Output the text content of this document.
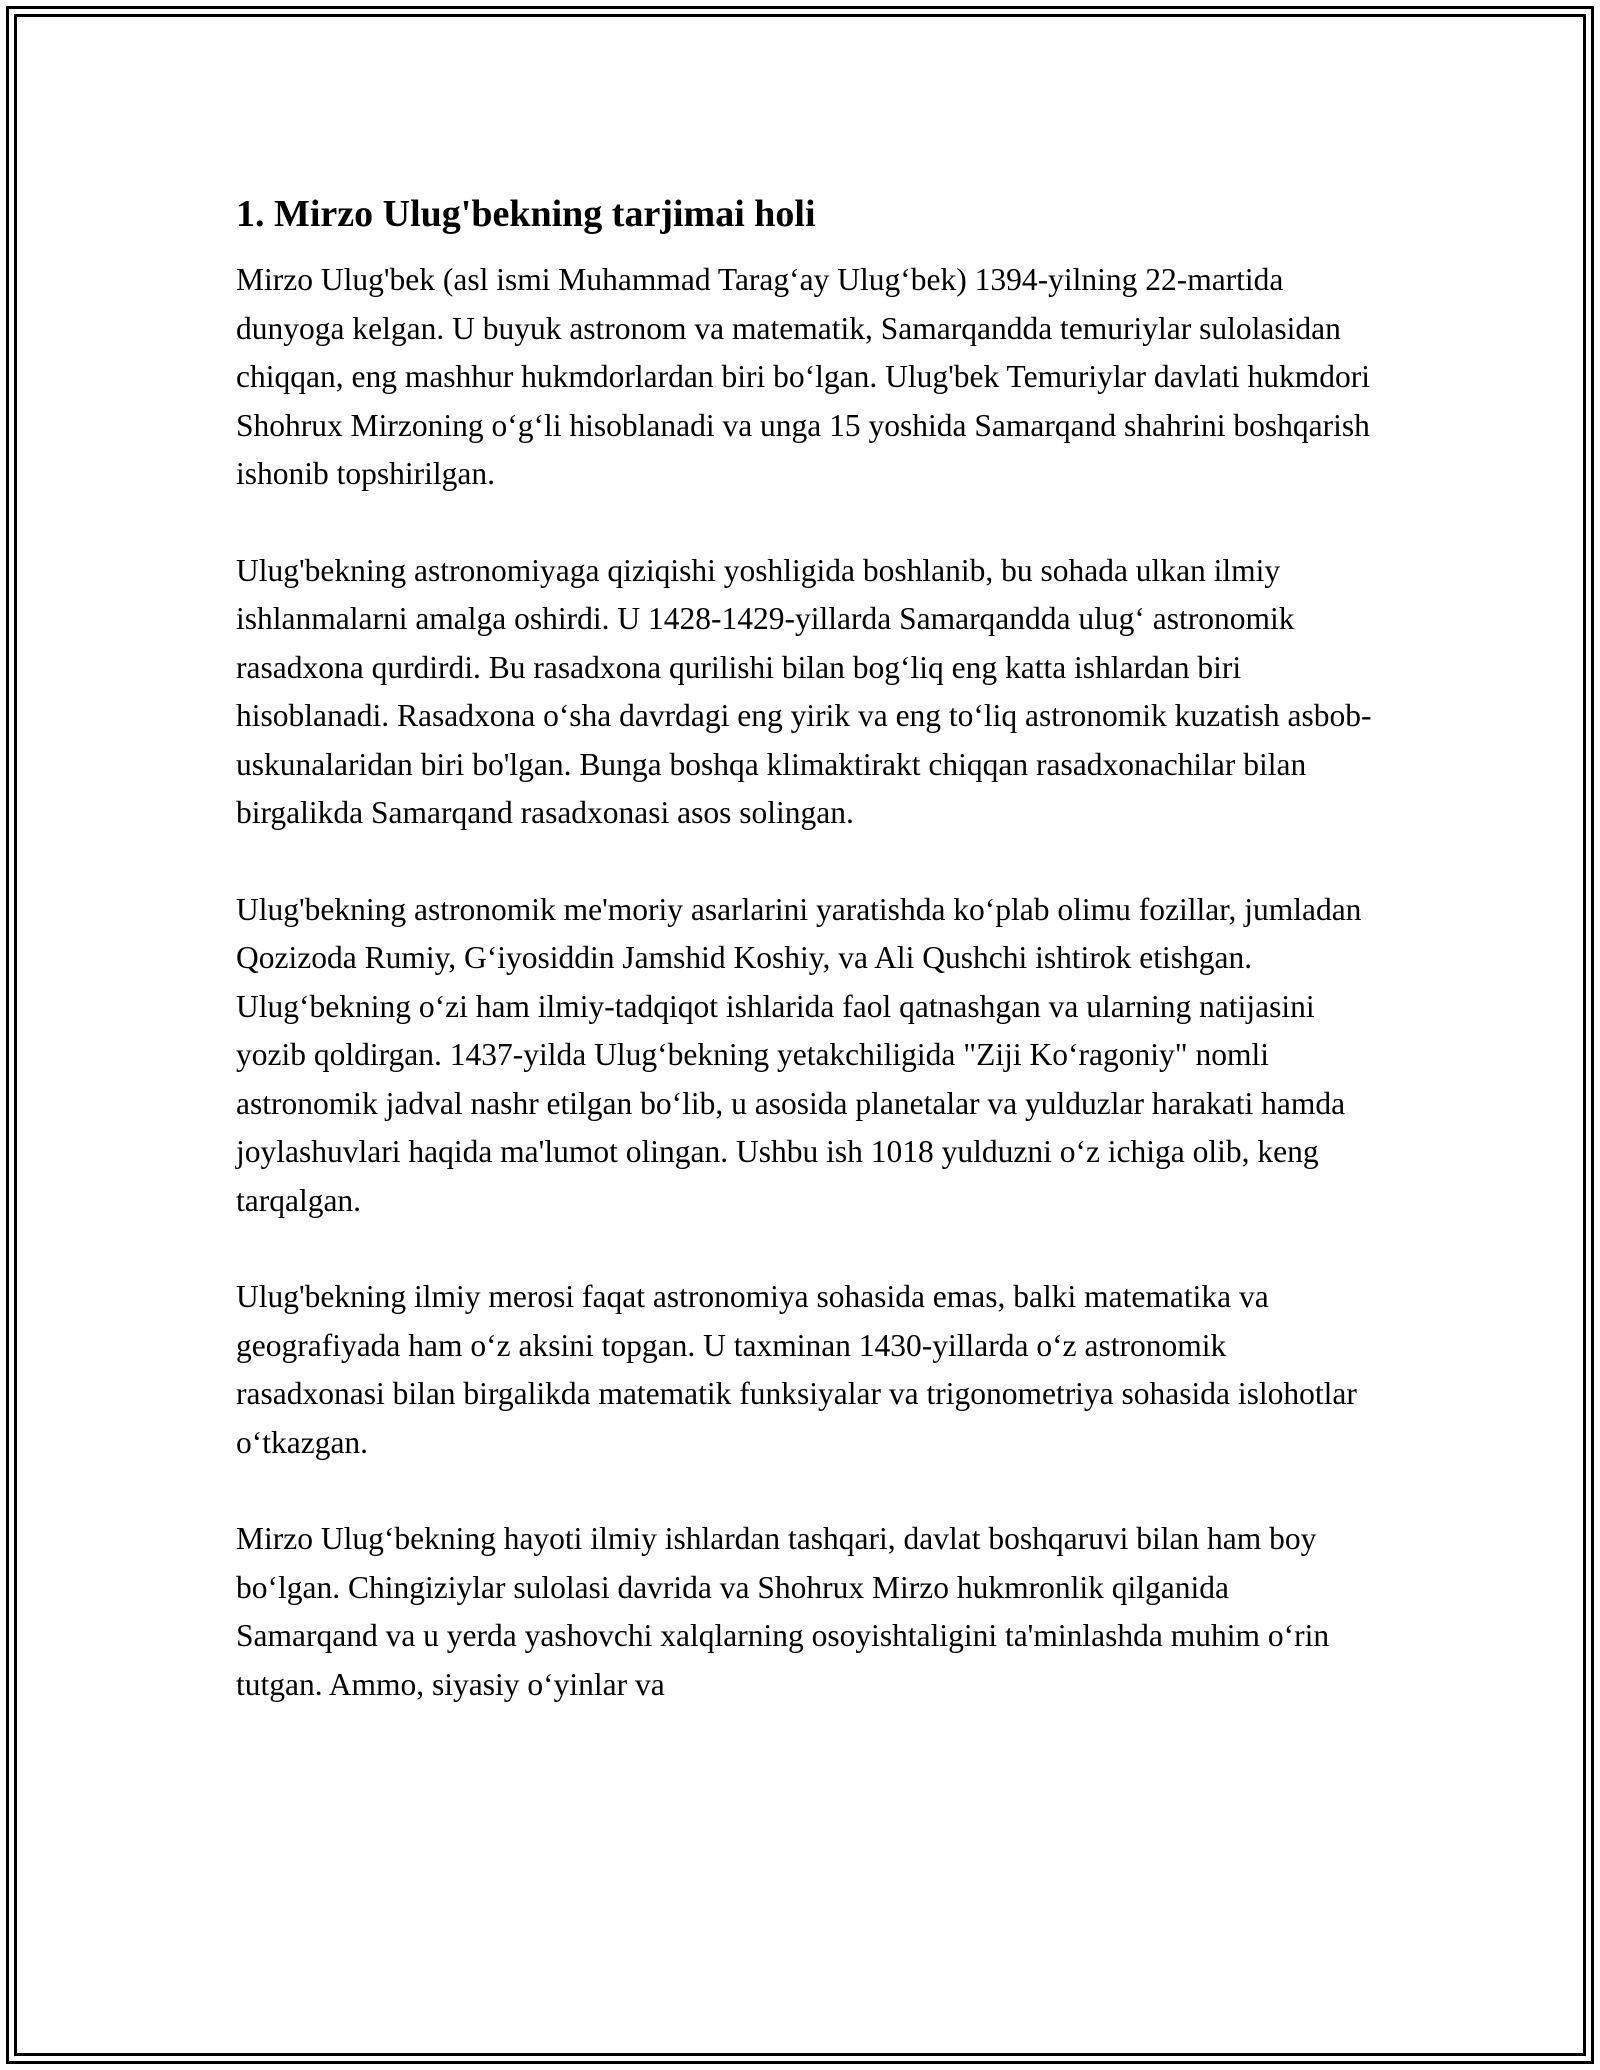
1. Mirzo Ulug'bekning tarjimai holi

Mirzo Ulug'bek (asl ismi Muhammad Tarag‘ay Ulug‘bek) 1394-yilning 22-martida dunyoga kelgan. U buyuk astronom va matematik, Samarqandda temuriylar sulolasidan chiqqan, eng mashhur hukmdorlardan biri bo‘lgan. Ulug'bek Temuriylar davlati hukmdori Shohrux Mirzoning o‘g‘li hisoblanadi va unga 15 yoshida Samarqand shahrini boshqarish ishonib topshirilgan.

Ulug'bekning astronomiyaga qiziqishi yoshligida boshlanib, bu sohada ulkan ilmiy ishlanmalarni amalga oshirdi. U 1428-1429-yillarda Samarqandda ulug‘ astronomik rasadxona qurdirdi. Bu rasadxona qurilishi bilan bog‘liq eng katta ishlardan biri hisoblanadi. Rasadxona o‘sha davrdagi eng yirik va eng to‘liq astronomik kuzatish asbob-uskunalaridan biri bo'lgan. Bunga boshqa klimaktirakt chiqqan rasadxonachilar bilan birgalikda Samarqand rasadxonasi asos solingan.

Ulug'bekning astronomik me'moriy asarlarini yaratishda ko‘plab olimu fozillar, jumladan Qozizoda Rumiy, G‘iyosiddin Jamshid Koshiy, va Ali Qushchi ishtirok etishgan. Ulug‘bekning o‘zi ham ilmiy-tadqiqot ishlarida faol qatnashgan va ularning natijasini yozib qoldirgan. 1437-yilda Ulug‘bekning yetakchiligida "Ziji Ko‘ragoniy" nomli astronomik jadval nashr etilgan bo‘lib, u asosida planetalar va yulduzlar harakati hamda joylashuvlari haqida ma'lumot olingan. Ushbu ish 1018 yulduzni o‘z ichiga olib, keng tarqalgan.

Ulug'bekning ilmiy merosi faqat astronomiya sohasida emas, balki matematika va geografiyada ham o‘z aksini topgan. U taxminan 1430-yillarda o‘z astronomik rasadxonasi bilan birgalikda matematik funksiyalar va trigonometriya sohasida islohotlar o‘tkazgan.

Mirzo Ulug‘bekning hayoti ilmiy ishlardan tashqari, davlat boshqaruvi bilan ham boy bo‘lgan. Chingiziylar sulolasi davrida va Shohrux Mirzo hukmronlik qilganida Samarqand va u yerda yashovchi xalqlarning osoyishtaligini ta'minlashda muhim o‘rin tutgan. Ammo, siyasiy o‘yinlar va
